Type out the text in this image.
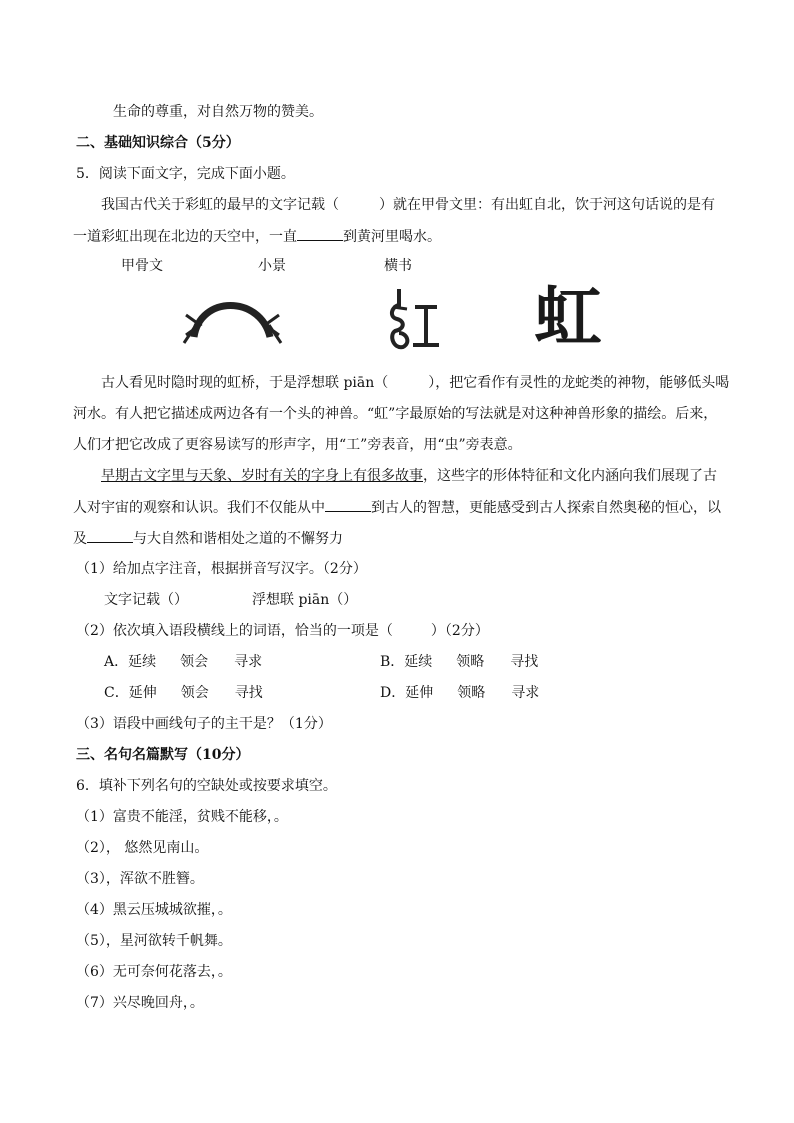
生命的尊重，对自然万物的赞美。
二、基础知识综合（5分）
5．阅读下面文字，完成下面小题。
我国古代关于彩虹的最早的文字记载（	）就在甲骨文里：有出虹自北，饮于河这句话说的是有
一道彩虹出现在北边的天空中，一直	到黄河里喝水。
甲骨文	小景	横书
虹
古人看见时隐时现的虹桥，于是浮想联 piān（	），把它看作有灵性的龙蛇类的神物，能够低头喝
河水。有人把它描述成两边各有一个头的神兽。“虹”字最原始的写法就是对这种神兽形象的描绘。后来，
人们才把它改成了更容易读写的形声字，用“工”旁表音，用“虫”旁表意。
早期古文字里与天象、岁时有关的字身上有很多故事，这些字的形体特征和文化内涵向我们展现了古
人对宇宙的观察和认识。我们不仅能从中	到古人的智慧，更能感受到古人探索自然奥秘的恒心，以
及	与大自然和谐相处之道的不懈努力
（1）给加点字注音，根据拼音写汉字。（2分）
文字记载（）	浮想联 piān（）
（2）依次填入语段横线上的词语，恰当的一项是（	）（2分）
A．延续 领会 寻求	B．延续 领略 寻找
C．延伸 领会 寻找	D．延伸 领略 寻求
（3）语段中画线句子的主干是？（1分）
三、名句名篇默写（10分）
6．填补下列名句的空缺处或按要求填空。
（1）富贵不能淫，贫贱不能移，。
（2）， 悠然见南山。
（3），浑欲不胜簪。
（4）黑云压城城欲摧，。
（5），星河欲转千帆舞。
（6）无可奈何花落去，。
（7）兴尽晚回舟，。
